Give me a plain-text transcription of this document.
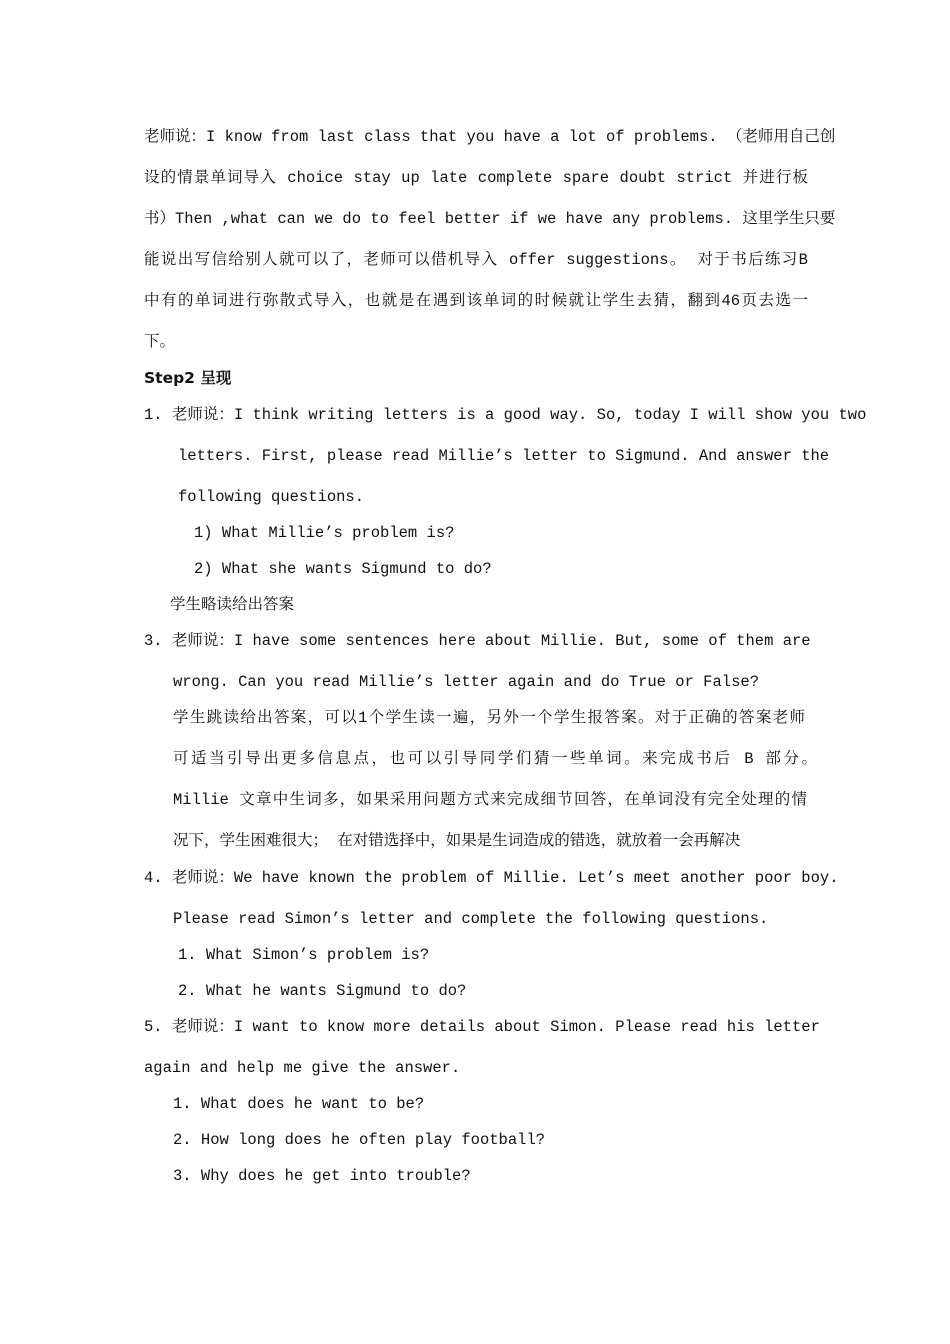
老师说：I know from last class that you have a lot of problems. （老师用自己创
设的情景单词导入 choice stay up late complete spare doubt strict 并进行板
书）Then ,what can we do to feel better if we have any problems. 这里学生只要
能说出写信给别人就可以了，老师可以借机导入 offer suggestions。 对于书后练习B
中有的单词进行弥散式导入，也就是在遇到该单词的时候就让学生去猜，翻到46页去选一
下。
Step2 呈现
1. 老师说：I think writing letters is a good way. So, today I will show you two
letters. First, please read Millie’s letter to Sigmund. And answer the
following questions.
1) What Millie’s problem is?
2) What she wants Sigmund to do?
学生略读给出答案
3. 老师说：I have some sentences here about Millie. But, some of them are
wrong. Can you read Millie’s letter again and do True or False?
学生跳读给出答案，可以1个学生读一遍，另外一个学生报答案。对于正确的答案老师
可适当引导出更多信息点，也可以引导同学们猜一些单词。来完成书后 B 部分。
Millie 文章中生词多，如果采用问题方式来完成细节回答，在单词没有完全处理的情
况下，学生困难很大； 在对错选择中，如果是生词造成的错选，就放着一会再解决
4. 老师说：We have known the problem of Millie. Let’s meet another poor boy.
Please read Simon’s letter and complete the following questions.
1. What Simon’s problem is?
2. What he wants Sigmund to do?
5. 老师说：I want to know more details about Simon. Please read his letter
again and help me give the answer.
1. What does he want to be?
2. How long does he often play football?
3. Why does he get into trouble?
